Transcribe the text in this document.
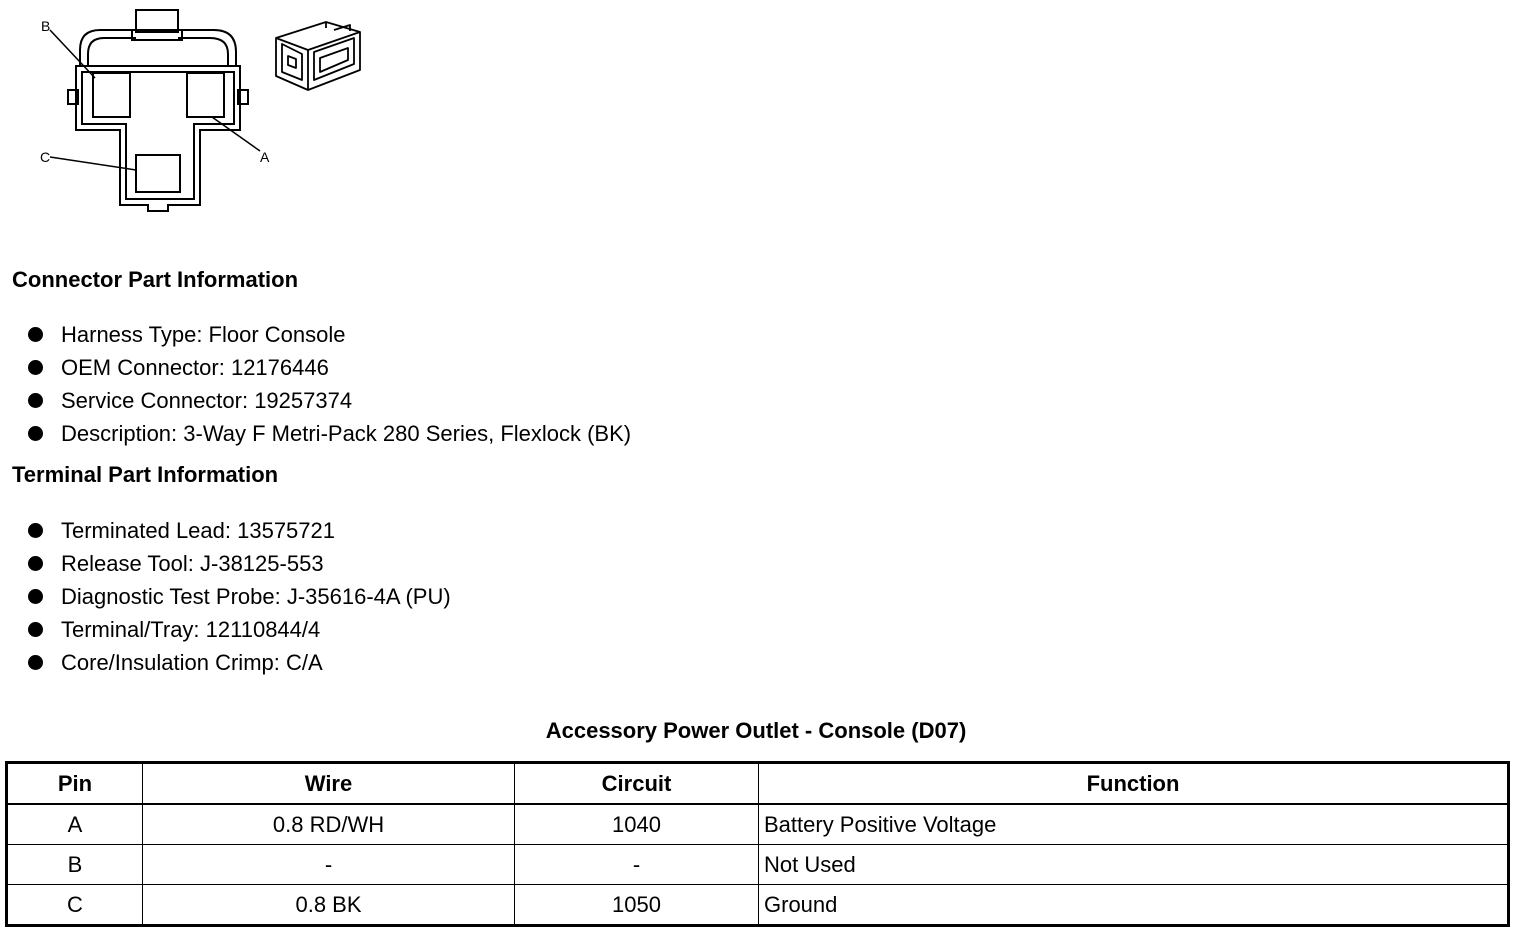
B
A
C
Connector Part Information
Harness Type: Floor Console
OEM Connector: 12176446
Service Connector: 19257374
Description: 3-Way F Metri-Pack 280 Series, Flexlock (BK)
Terminal Part Information
Terminated Lead: 13575721
Release Tool: J-38125-553
Diagnostic Test Probe: J-35616-4A (PU)
Terminal/Tray: 12110844/4
Core/Insulation Crimp: C/A
Accessory Power Outlet - Console (D07)
Pin	Wire	Circuit	Function
A	0.8 RD/WH	1040	Battery Positive Voltage
B	-	-	Not Used
C	0.8 BK	1050	Ground
